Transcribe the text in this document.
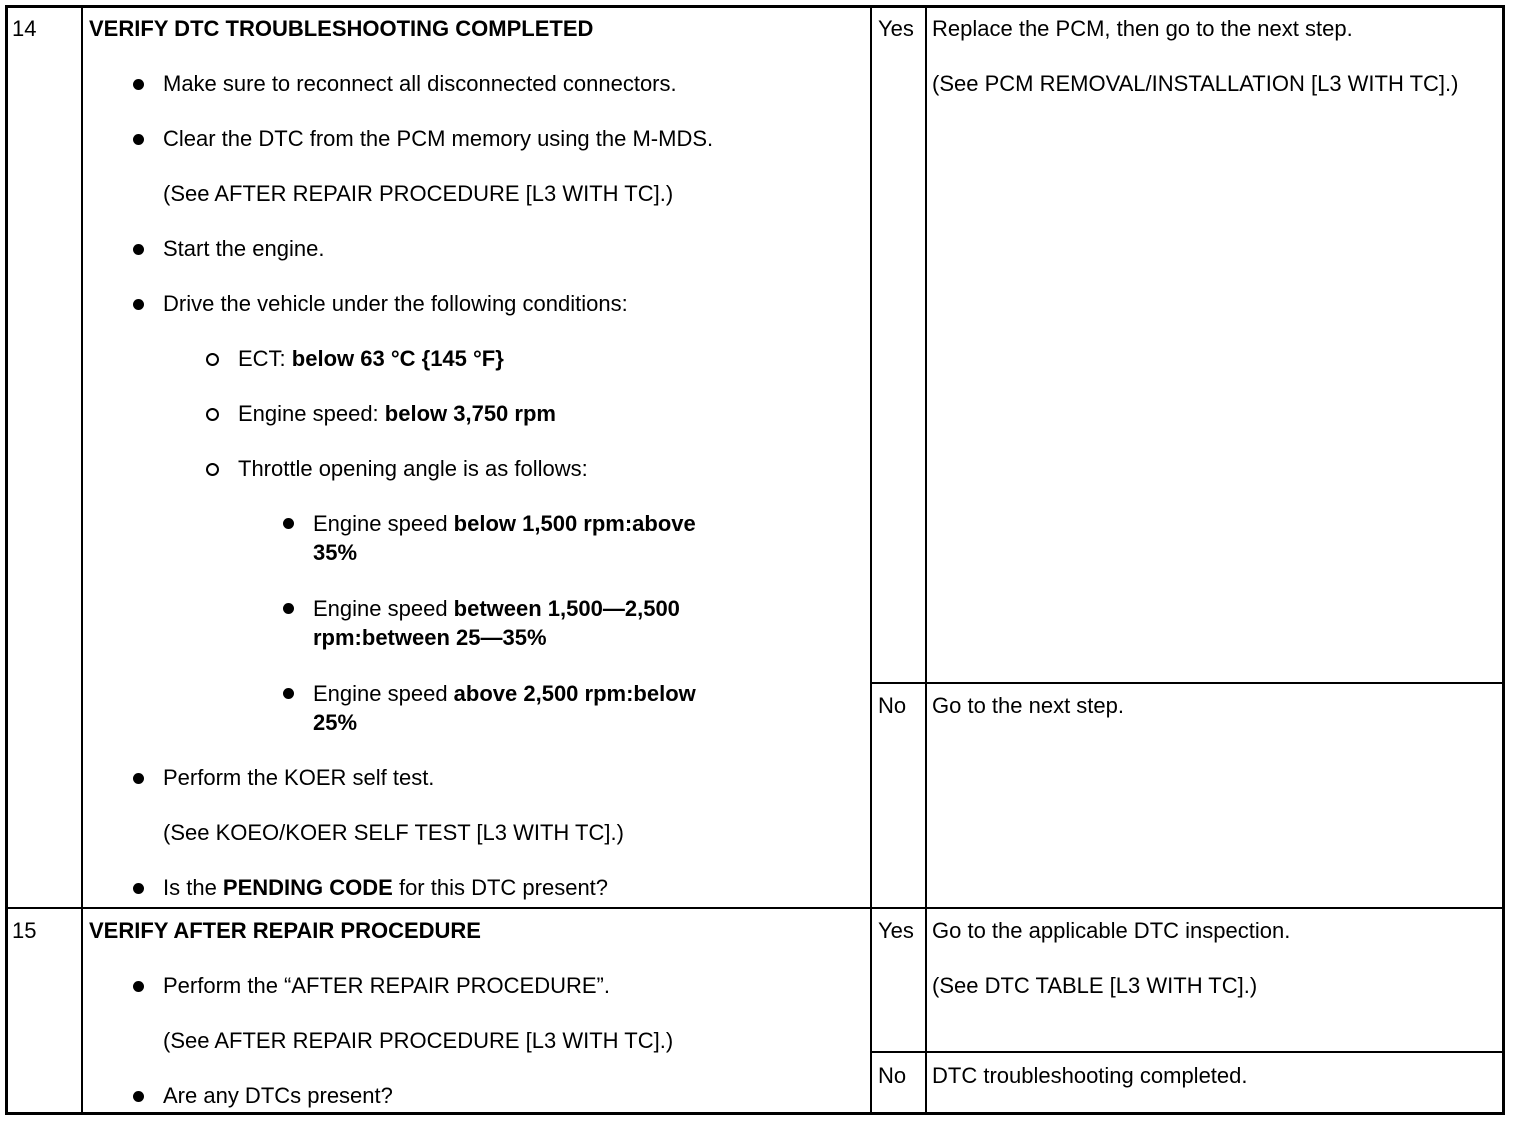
14 VERIFY DTC TROUBLESHOOTING COMPLETED
Make sure to reconnect all disconnected connectors.
Clear the DTC from the PCM memory using the M-MDS.
(See AFTER REPAIR PROCEDURE [L3 WITH TC].)
Start the engine.
Drive the vehicle under the following conditions:
ECT: below 63 °C {145 °F}
Engine speed: below 3,750 rpm
Throttle opening angle is as follows:
Engine speed below 1,500 rpm:above
35%
Engine speed between 1,500—2,500
rpm:between 25—35%
Engine speed above 2,500 rpm:below
25%
Perform the KOER self test.
(See KOEO/KOER SELF TEST [L3 WITH TC].)
Is the PENDING CODE for this DTC present?
Yes Replace the PCM, then go to the next step.
(See PCM REMOVAL/INSTALLATION [L3 WITH TC].)
No Go to the next step.
15 VERIFY AFTER REPAIR PROCEDURE
Perform the “AFTER REPAIR PROCEDURE”.
(See AFTER REPAIR PROCEDURE [L3 WITH TC].)
Are any DTCs present?
Yes Go to the applicable DTC inspection.
(See DTC TABLE [L3 WITH TC].)
No DTC troubleshooting completed.
